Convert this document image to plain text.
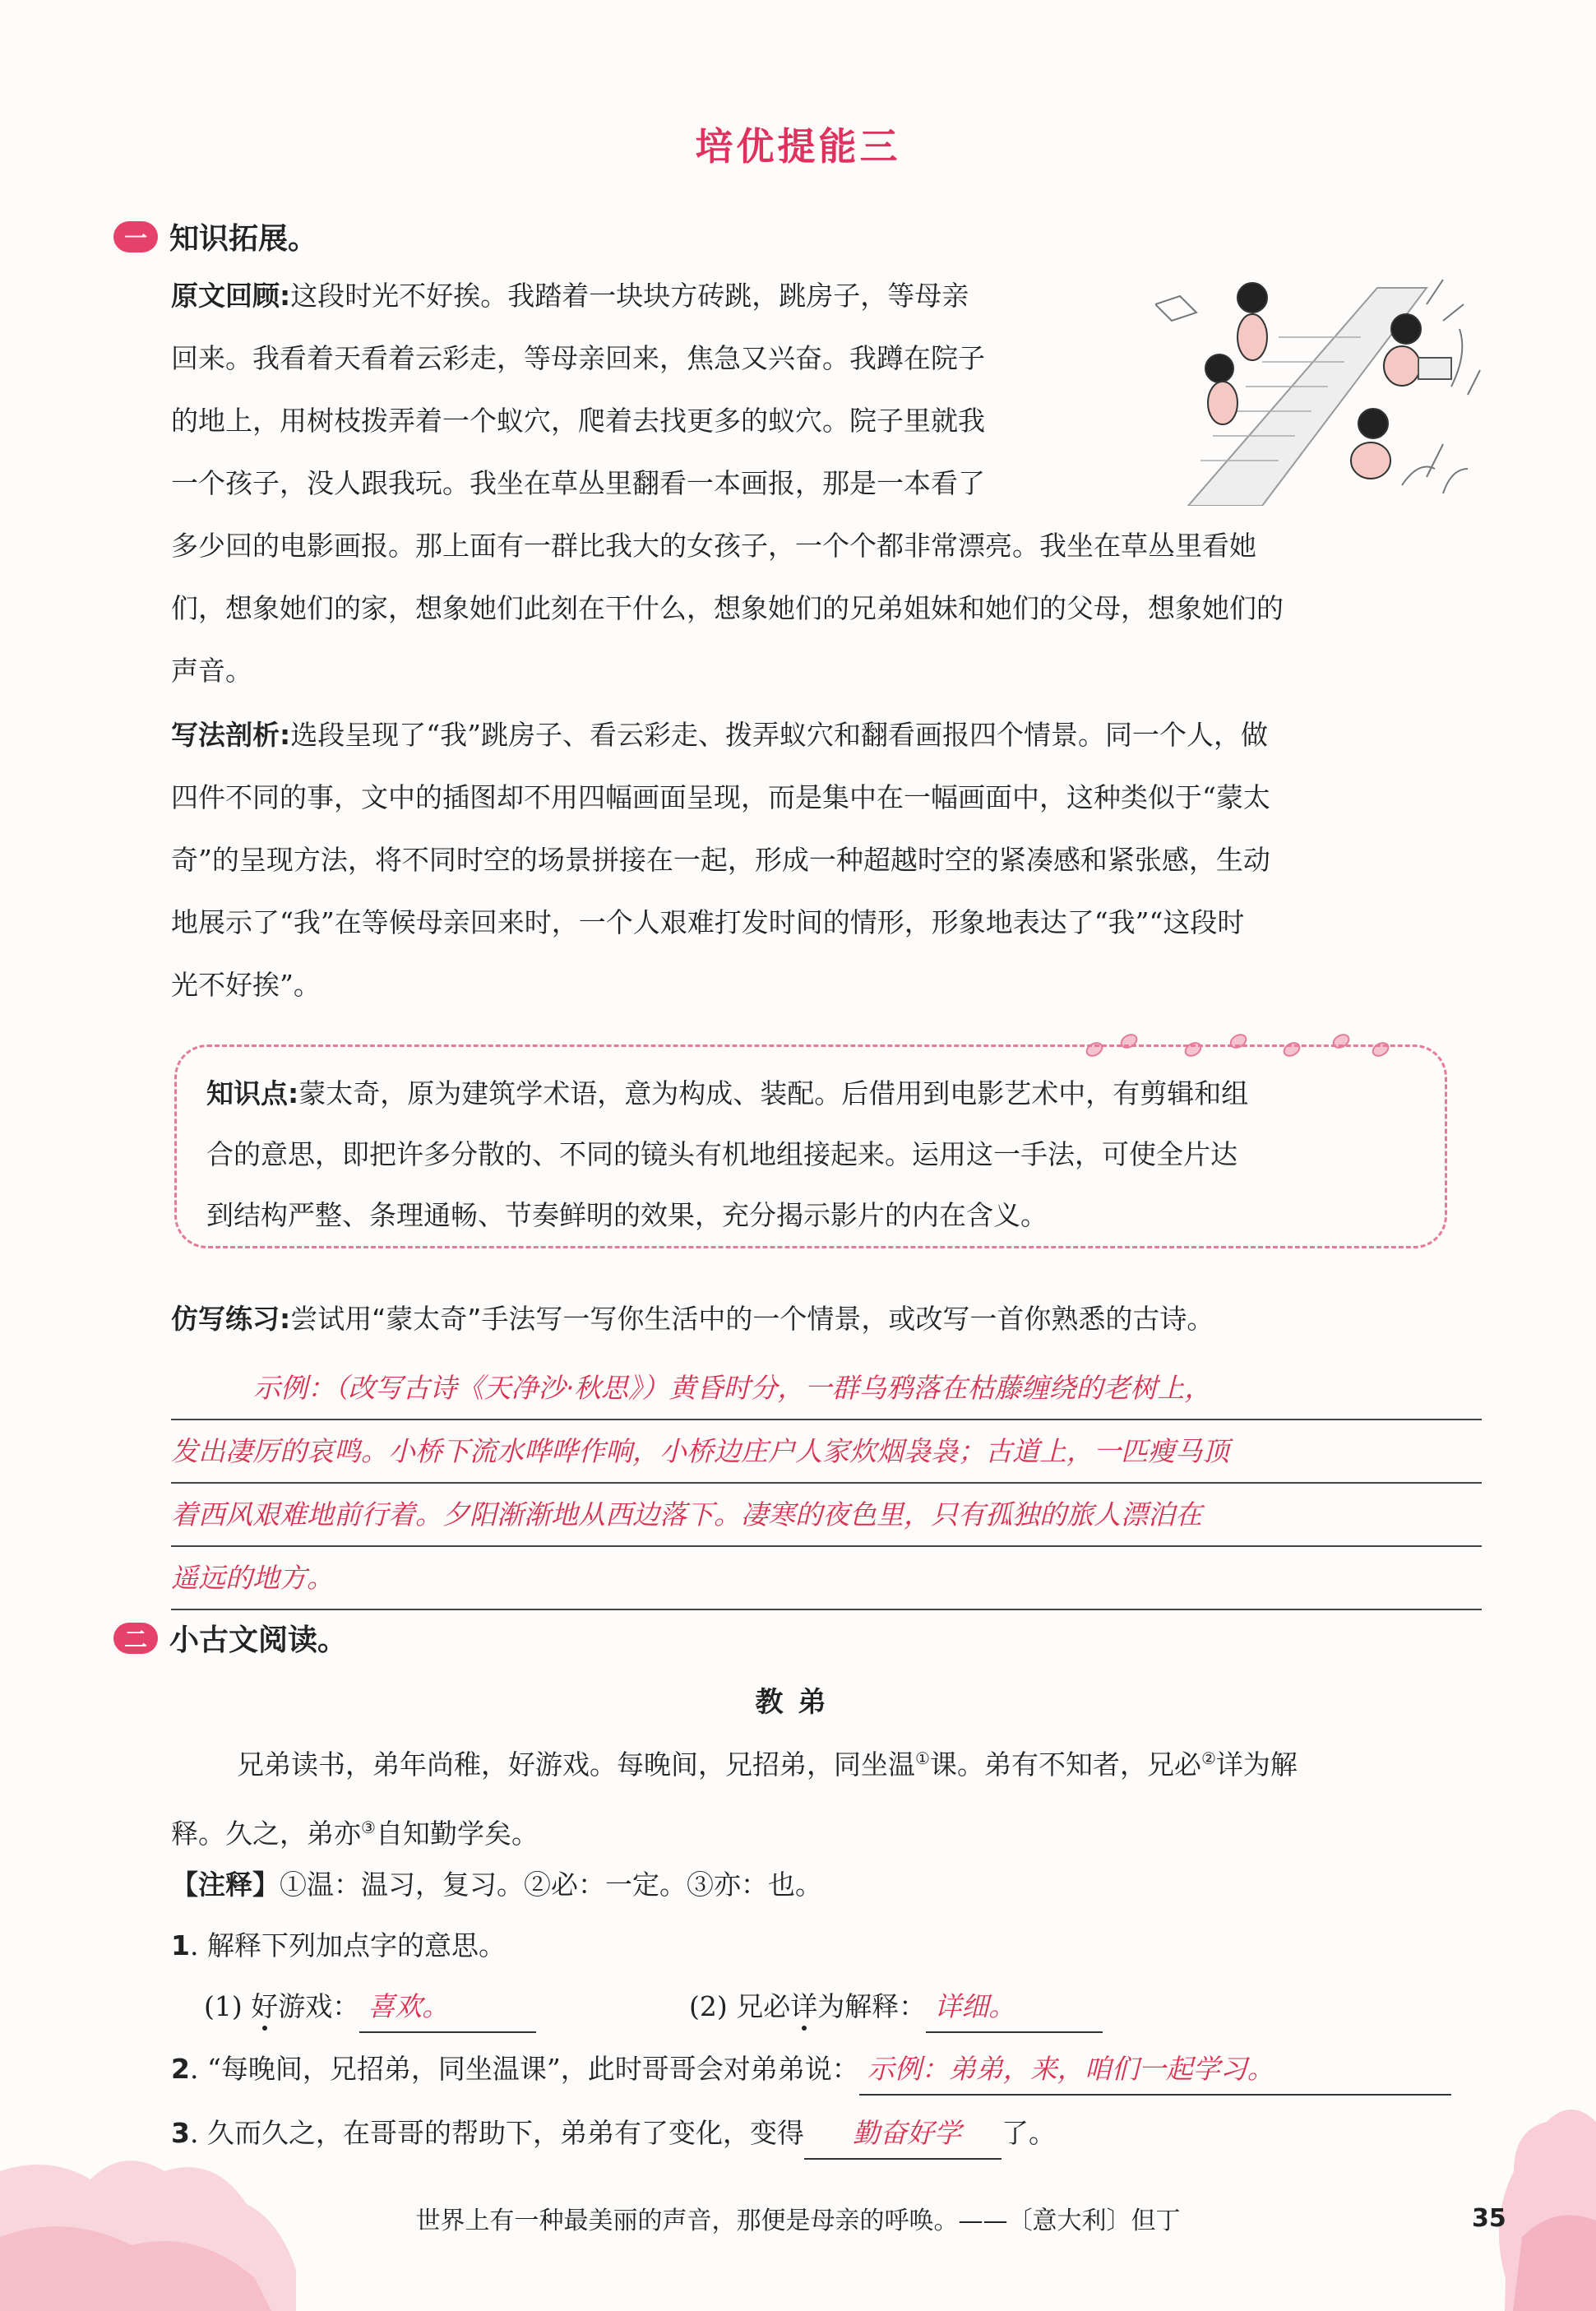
培优提能三
一 知识拓展。

原文回顾:这段时光不好挨。我踏着一块块方砖跳，跳房子，等母亲

回来。我看着天看着云彩走，等母亲回来，焦急又兴奋。我蹲在院子

的地上，用树枝拨弄着一个蚁穴，爬着去找更多的蚁穴。院子里就我

一个孩子，没人跟我玩。我坐在草丛里翻看一本画报，那是一本看了

多少回的电影画报。那上面有一群比我大的女孩子，一个个都非常漂亮。我坐在草丛里看她

们，想象她们的家，想象她们此刻在干什么，想象她们的兄弟姐妹和她们的父母，想象她们的

声音。

写法剖析:选段呈现了“我”跳房子、看云彩走、拨弄蚁穴和翻看画报四个情景。同一个人，做

四件不同的事，文中的插图却不用四幅画面呈现，而是集中在一幅画面中，这种类似于“蒙太

奇”的呈现方法，将不同时空的场景拼接在一起，形成一种超越时空的紧凑感和紧张感，生动

地展示了“我”在等候母亲回来时，一个人艰难打发时间的情形，形象地表达了“我”“这段时

光不好挨”。

知识点:蒙太奇，原为建筑学术语，意为构成、装配。后借用到电影艺术中，有剪辑和组

合的意思，即把许多分散的、不同的镜头有机地组接起来。运用这一手法，可使全片达

到结构严整、条理通畅、节奏鲜明的效果，充分揭示影片的内在含义。

仿写练习:尝试用“蒙太奇”手法写一写你生活中的一个情景，或改写一首你熟悉的古诗。

示例：（改写古诗《天净沙·秋思》）黄昏时分，一群乌鸦落在枯藤缠绕的老树上，
发出凄厉的哀鸣。小桥下流水哗哗作响，小桥边庄户人家炊烟袅袅；古道上，一匹瘦马顶
着西风艰难地前行着。夕阳渐渐地从西边落下。凄寒的夜色里，只有孤独的旅人漂泊在
遥远的地方。
二 小古文阅读。
教弟

兄弟读书，弟年尚稚，好游戏。每晚间，兄招弟，同坐温①课。弟有不知者，兄必②详为解

释。久之，弟亦③自知勤学矣。

【注释】①温：温习，复习。②必：一定。③亦：也。
1. 解释下列加点字的意思。
(1) 好游戏： 喜欢。	(2) 兄必详为解释： 详细。
2. “每晚间，兄招弟，同坐温课”，此时哥哥会对弟弟说： 示例：弟弟，来，咱们一起学习。
3. 久而久之，在哥哥的帮助下，弟弟有了变化，变得 勤奋好学 了。
世界上有一种最美丽的声音，那便是母亲的呼唤。——〔意大利〕但丁	35
